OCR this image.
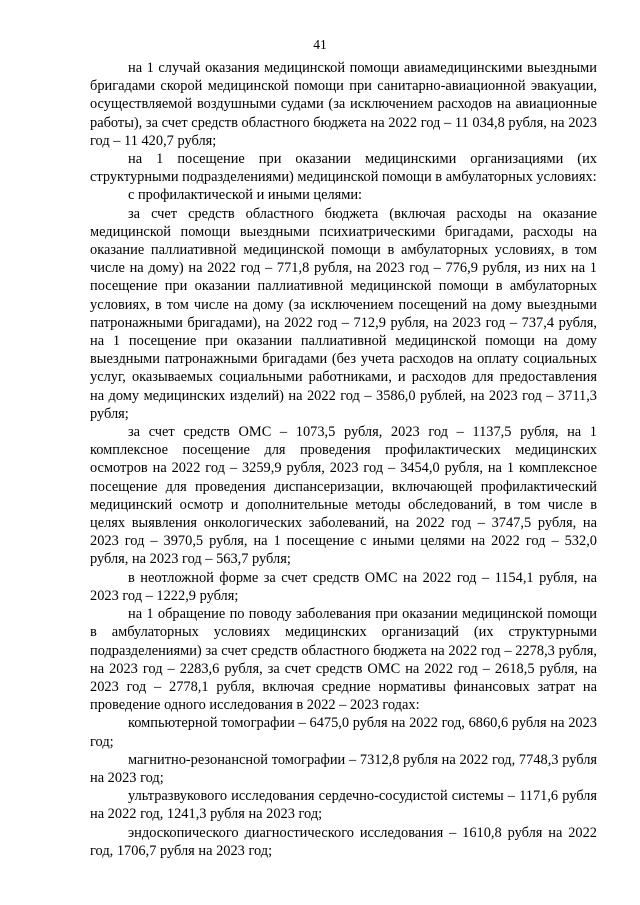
41

на 1 случай оказания медицинской помощи авиамедицинскими выездными бригадами скорой медицинской помощи при санитарно-авиационной эвакуации, осуществляемой воздушными судами (за исключением расходов на авиационные работы), за счет средств областного бюджета на 2022 год – 11 034,8 рубля, на 2023 год – 11 420,7 рубля;

на 1 посещение при оказании медицинскими организациями (их структурными подразделениями) медицинской помощи в амбулаторных условиях:

с профилактической и иными целями:

за счет средств областного бюджета (включая расходы на оказание медицинской помощи выездными психиатрическими бригадами, расходы на оказание паллиативной медицинской помощи в амбулаторных условиях, в том числе на дому) на 2022 год – 771,8 рубля, на 2023 год – 776,9 рубля, из них на 1 посещение при оказании паллиативной медицинской помощи в амбулаторных условиях, в том числе на дому (за исключением посещений на дому выездными патронажными бригадами), на 2022 год – 712,9 рубля, на 2023 год – 737,4 рубля, на 1 посещение при оказании паллиативной медицинской помощи на дому выездными патронажными бригадами (без учета расходов на оплату социальных услуг, оказываемых социальными работниками, и расходов для предоставления на дому медицинских изделий) на 2022 год – 3586,0 рублей, на 2023 год – 3711,3 рубля;

за счет средств ОМС – 1073,5 рубля, 2023 год – 1137,5 рубля, на 1 комплексное посещение для проведения профилактических медицинских осмотров на 2022 год – 3259,9 рубля, 2023 год – 3454,0 рубля, на 1 комплексное посещение для проведения диспансеризации, включающей профилактический медицинский осмотр и дополнительные методы обследований, в том числе в целях выявления онкологических заболеваний, на 2022 год – 3747,5 рубля, на 2023 год – 3970,5 рубля, на 1 посещение с иными целями на 2022 год – 532,0 рубля, на 2023 год – 563,7 рубля;

в неотложной форме за счет средств ОМС на 2022 год – 1154,1 рубля, на 2023 год – 1222,9 рубля;

на 1 обращение по поводу заболевания при оказании медицинской помощи в амбулаторных условиях медицинских организаций (их структурными подразделениями) за счет средств областного бюджета на 2022 год – 2278,3 рубля, на 2023 год – 2283,6 рубля, за счет средств ОМС на 2022 год – 2618,5 рубля, на 2023 год – 2778,1 рубля, включая средние нормативы финансовых затрат на проведение одного исследования в 2022 – 2023 годах:

компьютерной томографии – 6475,0 рубля на 2022 год, 6860,6 рубля на 2023 год;

магнитно-резонансной томографии – 7312,8 рубля на 2022 год, 7748,3 рубля на 2023 год;

ультразвукового исследования сердечно-сосудистой системы – 1171,6 рубля на 2022 год, 1241,3 рубля на 2023 год;

эндоскопического диагностического исследования – 1610,8 рубля на 2022 год, 1706,7 рубля на 2023 год;
